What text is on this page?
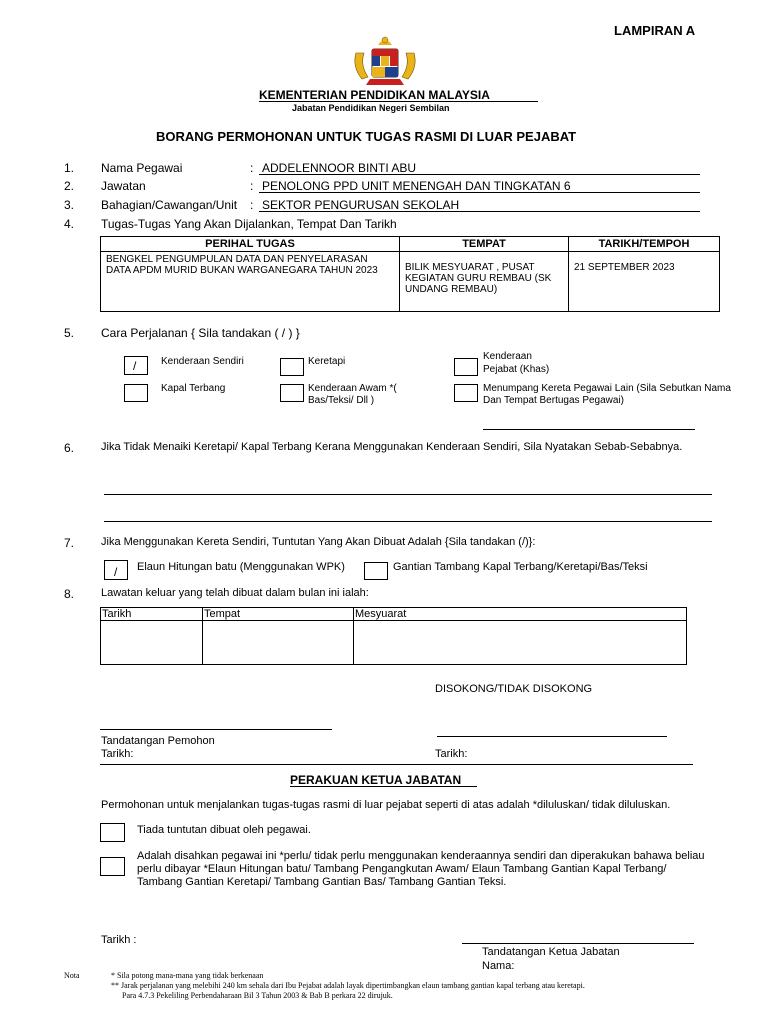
LAMPIRAN A
KEMENTERIAN PENDIDIKAN MALAYSIA
Jabatan Pendidikan Negeri Sembilan
BORANG PERMOHONAN UNTUK TUGAS RASMI DI LUAR PEJABAT
1. Nama Pegawai	: ADDELENNOOR BINTI ABU
2. Jawatan	: PENOLONG PPD UNIT MENENGAH DAN TINGKATAN 6
3. Bahagian/Cawangan/Unit : SEKTOR PENGURUSAN SEKOLAH
4. Tugas-Tugas Yang Akan Dijalankan, Tempat Dan Tarikh
PERIHAL TUGAS	TEMPAT	TARIKH/TEMPOH
BENGKEL PENGUMPULAN DATA DAN PENYELARASAN DATA APDM MURID BUKAN WARGANEGARA TAHUN 2023	BILIK MESYUARAT , PUSAT KEGIATAN GURU REMBAU (SK UNDANG REMBAU)	21 SEPTEMBER 2023
5. Cara Perjalanan { Sila tandakan ( / ) }
/ Kenderaan Sendiri	Keretapi	Kenderaan Pejabat (Khas)
Kapal Terbang	Kenderaan Awam *( Bas/Teksi/ Dll )
Menumpang Kereta Pegawai Lain (Sila Sebutkan Nama Dan Tempat Bertugas Pegawai)
6. Jika Tidak Menaiki Keretapi/ Kapal Terbang Kerana Menggunakan Kenderaan Sendiri, Sila Nyatakan Sebab-Sebabnya.
7. Jika Menggunakan Kereta Sendiri, Tuntutan Yang Akan Dibuat Adalah {Sila tandakan (/)}:
/ Elaun Hitungan batu (Menggunakan WPK)	Gantian Tambang Kapal Terbang/Keretapi/Bas/Teksi
8. Lawatan keluar yang telah dibuat dalam bulan ini ialah:
Tarikh	Tempat	Mesyuarat

DISOKONG/TIDAK DISOKONG
Tandatangan Pemohon
Tarikh:	Tarikh:
PERAKUAN KETUA JABATAN
Permohonan untuk menjalankan tugas-tugas rasmi di luar pejabat seperti di atas adalah *diluluskan/ tidak diluluskan.
Tiada tuntutan dibuat oleh pegawai.
Adalah disahkan pegawai ini *perlu/ tidak perlu menggunakan kenderaannya sendiri dan diperakukan bahawa beliau perlu dibayar *Elaun Hitungan batu/ Tambang Pengangkutan Awam/ Elaun Tambang Gantian Kapal Terbang/ Tambang Gantian Keretapi/ Tambang Gantian Bas/ Tambang Gantian Teksi.
Tarikh :
Tandatangan Ketua Jabatan
Nama:
Nota	* Sila potong mana-mana yang tidak berkenaan
** Jarak perjalanan yang melebihi 240 km sehala dari Ibu Pejabat adalah layak dipertimbangkan elaun tambang gantian kapal terbang atau keretapi.
Para 4.7.3 Pekeliling Perbendaharaan Bil 3 Tahun 2003 & Bab B perkara 22 dirujuk.
